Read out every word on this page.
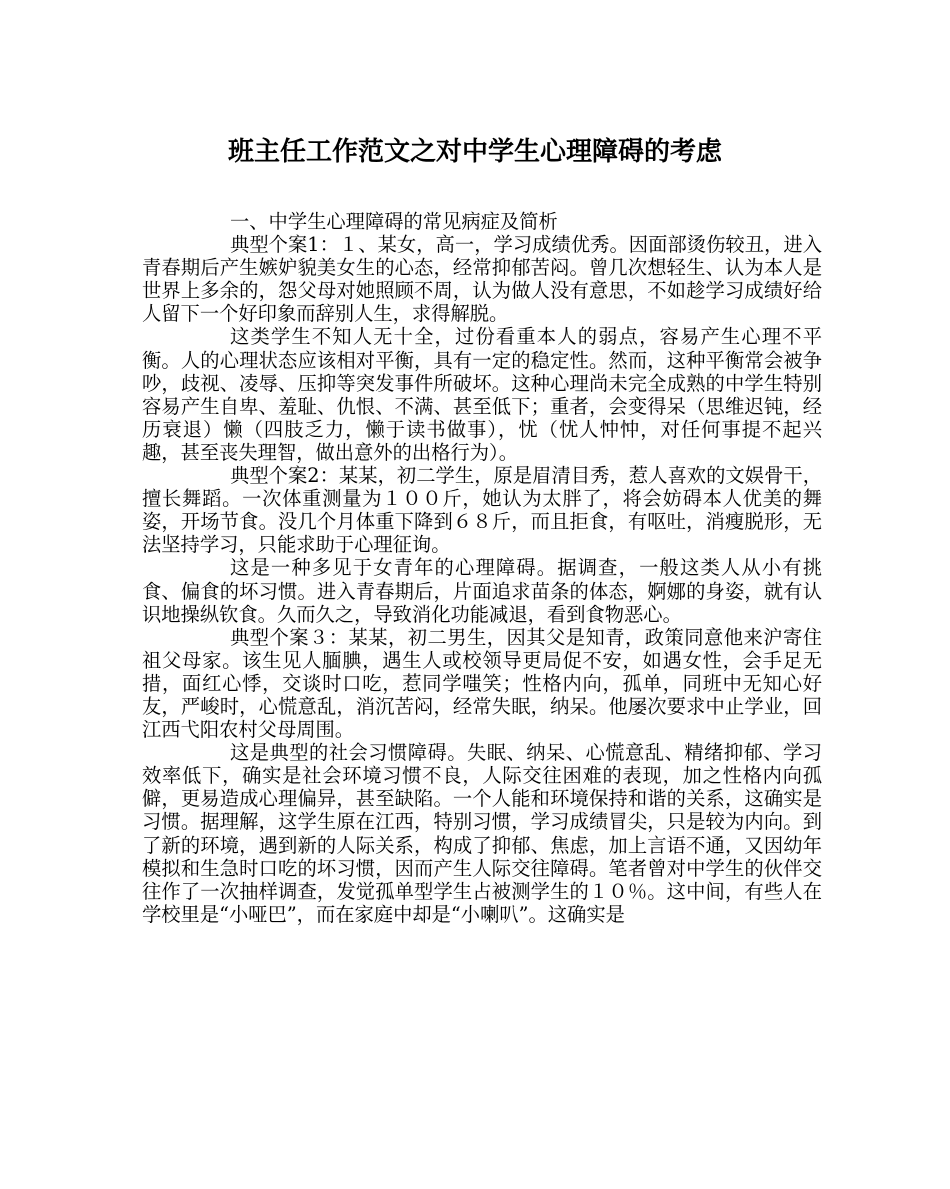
班主任工作范文之对中学生心理障碍的考虑

一、中学生心理障碍的常见病症及简析

典型个案1：１、某女，高一，学习成绩优秀。因面部烫伤较丑，进入青春期后产生嫉妒貌美女生的心态，经常抑郁苦闷。曾几次想轻生、认为本人是世界上多余的，怨父母对她照顾不周，认为做人没有意思，不如趁学习成绩好给人留下一个好印象而辞别人生，求得解脱。

这类学生不知人无十全，过份看重本人的弱点，容易产生心理不平衡。人的心理状态应该相对平衡，具有一定的稳定性。然而，这种平衡常会被争吵，歧视、凌辱、压抑等突发事件所破坏。这种心理尚未完全成熟的中学生特别容易产生自卑、羞耻、仇恨、不满、甚至低下；重者，会变得呆（思维迟钝，经历衰退）懒（四肢乏力，懒于读书做事），忧（忧人忡忡，对任何事提不起兴趣，甚至丧失理智，做出意外的出格行为）。

典型个案2：某某，初二学生，原是眉清目秀，惹人喜欢的文娱骨干，擅长舞蹈。一次体重测量为１００斤，她认为太胖了，将会妨碍本人优美的舞姿，开场节食。没几个月体重下降到６８斤，而且拒食，有呕吐，消瘦脱形，无法坚持学习，只能求助于心理征询。

这是一种多见于女青年的心理障碍。据调查，一般这类人从小有挑食、偏食的坏习惯。进入青春期后，片面追求苗条的体态，婀娜的身姿，就有认识地操纵钦食。久而久之，导致消化功能减退，看到食物恶心。

典型个案３：某某，初二男生，因其父是知青，政策同意他来沪寄住祖父母家。该生见人腼腆，遇生人或校领导更局促不安，如遇女性，会手足无措，面红心悸，交谈时口吃，惹同学嗤笑；性格内向，孤单，同班中无知心好友，严峻时，心慌意乱，消沉苦闷，经常失眠，纳呆。他屡次要求中止学业，回江西弋阳农村父母周围。

这是典型的社会习惯障碍。失眠、纳呆、心慌意乱、精绪抑郁、学习效率低下，确实是社会环境习惯不良，人际交往困难的表现，加之性格内向孤僻，更易造成心理偏异，甚至缺陷。一个人能和环境保持和谐的关系，这确实是习惯。据理解，这学生原在江西，特别习惯，学习成绩冒尖，只是较为内向。到了新的环境，遇到新的人际关系，构成了抑郁、焦虑，加上言语不通，又因幼年模拟和生急时口吃的坏习惯，因而产生人际交往障碍。笔者曾对中学生的伙伴交往作了一次抽样调查，发觉孤单型学生占被测学生的１０％。这中间，有些人在学校里是“小哑巴”，而在家庭中却是“小喇叭”。这确实是
